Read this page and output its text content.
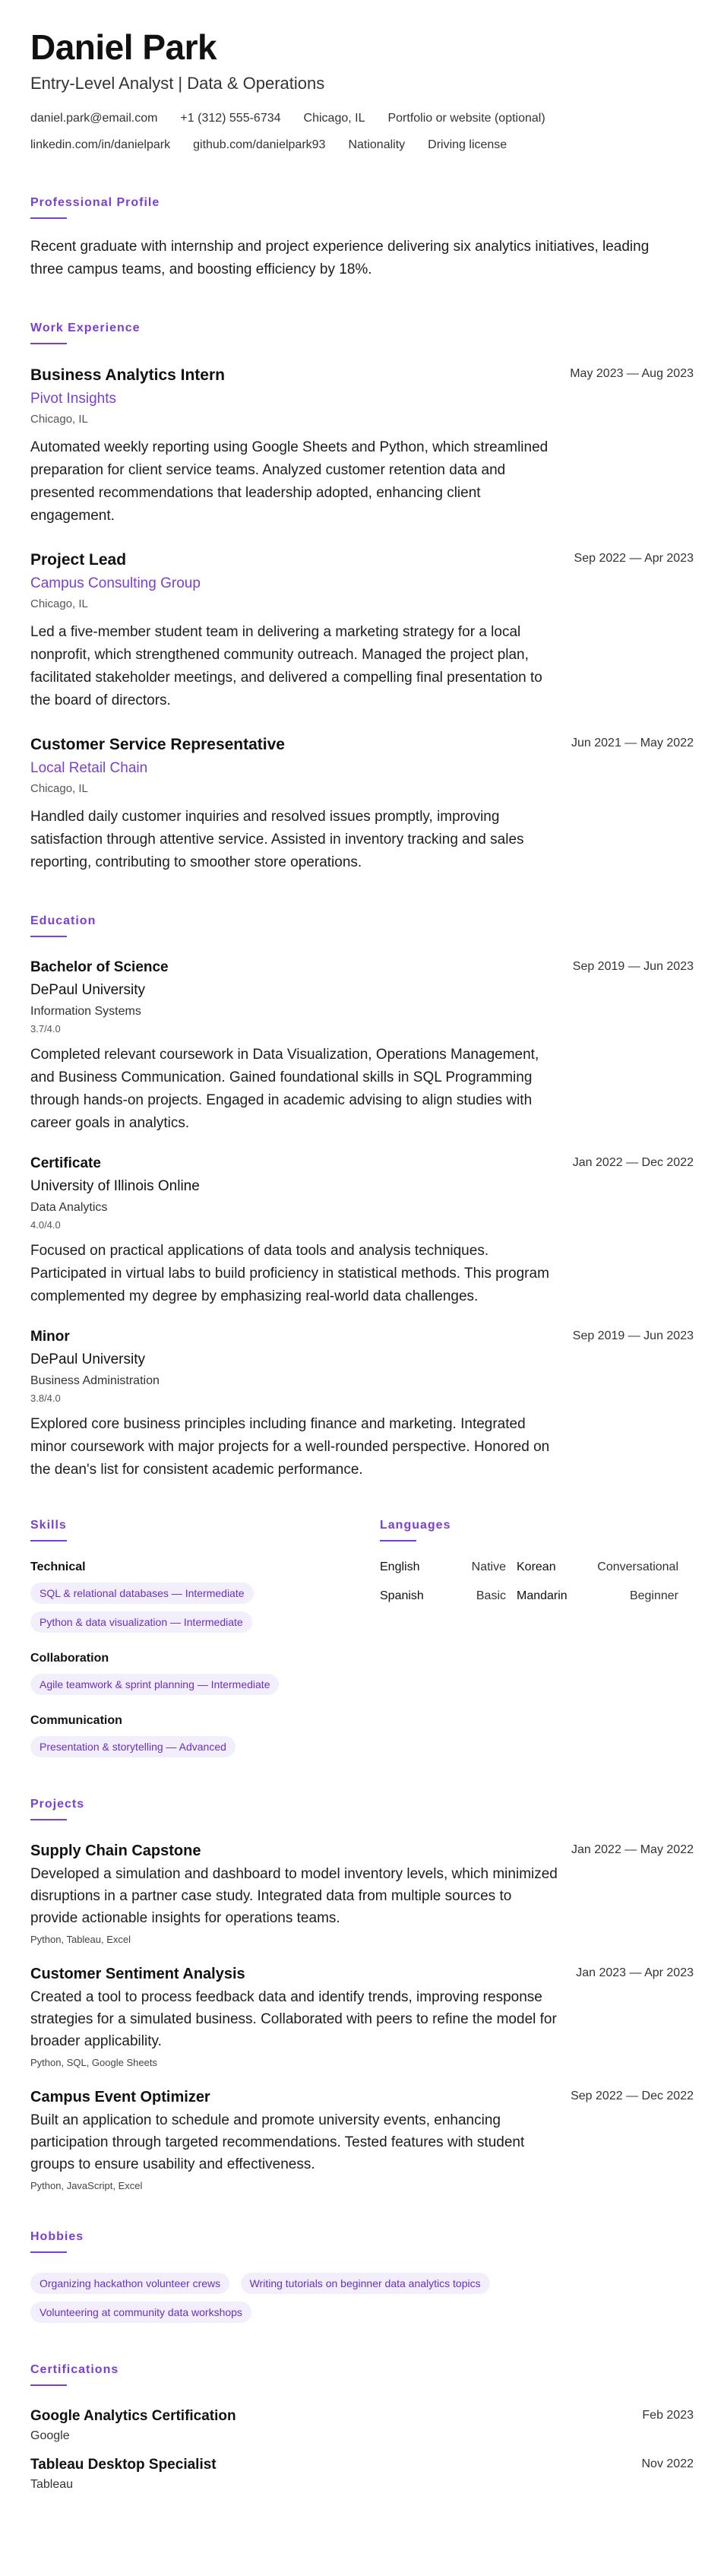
Daniel Park
Entry-Level Analyst | Data & Operations
daniel.park@email.com +1 (312) 555-6734 Chicago, IL Portfolio or website (optional)
linkedin.com/in/danielpark github.com/danielpark93 Nationality Driving license
Professional Profile
Recent graduate with internship and project experience delivering six analytics initiatives, leading three campus teams, and boosting efficiency by 18%.
Work Experience
Business Analytics Intern
Pivot Insights
Chicago, IL
May 2023 — Aug 2023
Automated weekly reporting using Google Sheets and Python, which streamlined preparation for client service teams. Analyzed customer retention data and presented recommendations that leadership adopted, enhancing client engagement.
Project Lead
Campus Consulting Group
Chicago, IL
Sep 2022 — Apr 2023
Led a five-member student team in delivering a marketing strategy for a local nonprofit, which strengthened community outreach. Managed the project plan, facilitated stakeholder meetings, and delivered a compelling final presentation to the board of directors.
Customer Service Representative
Local Retail Chain
Chicago, IL
Jun 2021 — May 2022
Handled daily customer inquiries and resolved issues promptly, improving satisfaction through attentive service. Assisted in inventory tracking and sales reporting, contributing to smoother store operations.
Education
Bachelor of Science
DePaul University
Information Systems
3.7/4.0
Sep 2019 — Jun 2023
Completed relevant coursework in Data Visualization, Operations Management, and Business Communication. Gained foundational skills in SQL Programming through hands-on projects. Engaged in academic advising to align studies with career goals in analytics.
Certificate
University of Illinois Online
Data Analytics
4.0/4.0
Jan 2022 — Dec 2022
Focused on practical applications of data tools and analysis techniques. Participated in virtual labs to build proficiency in statistical methods. This program complemented my degree by emphasizing real-world data challenges.
Minor
DePaul University
Business Administration
3.8/4.0
Sep 2019 — Jun 2023
Explored core business principles including finance and marketing. Integrated minor coursework with major projects for a well-rounded perspective. Honored on the dean's list for consistent academic performance.
Skills
Technical
SQL & relational databases — Intermediate
Python & data visualization — Intermediate
Collaboration
Agile teamwork & sprint planning — Intermediate
Communication
Presentation & storytelling — Advanced
Languages
English	Native Korean	Conversational
Spanish	Basic Mandarin	Beginner
Projects
Supply Chain Capstone	Jan 2022 — May 2022
Developed a simulation and dashboard to model inventory levels, which minimized disruptions in a partner case study. Integrated data from multiple sources to provide actionable insights for operations teams.
Python, Tableau, Excel
Customer Sentiment Analysis	Jan 2023 — Apr 2023
Created a tool to process feedback data and identify trends, improving response strategies for a simulated business. Collaborated with peers to refine the model for broader applicability.
Python, SQL, Google Sheets
Campus Event Optimizer	Sep 2022 — Dec 2022
Built an application to schedule and promote university events, enhancing participation through targeted recommendations. Tested features with student groups to ensure usability and effectiveness.
Python, JavaScript, Excel
Hobbies
Organizing hackathon volunteer crews	Writing tutorials on beginner data analytics topics Volunteering at community data workshops
Certifications
Google Analytics Certification
Google
Feb 2023
Tableau Desktop Specialist
Tableau
Nov 2022
